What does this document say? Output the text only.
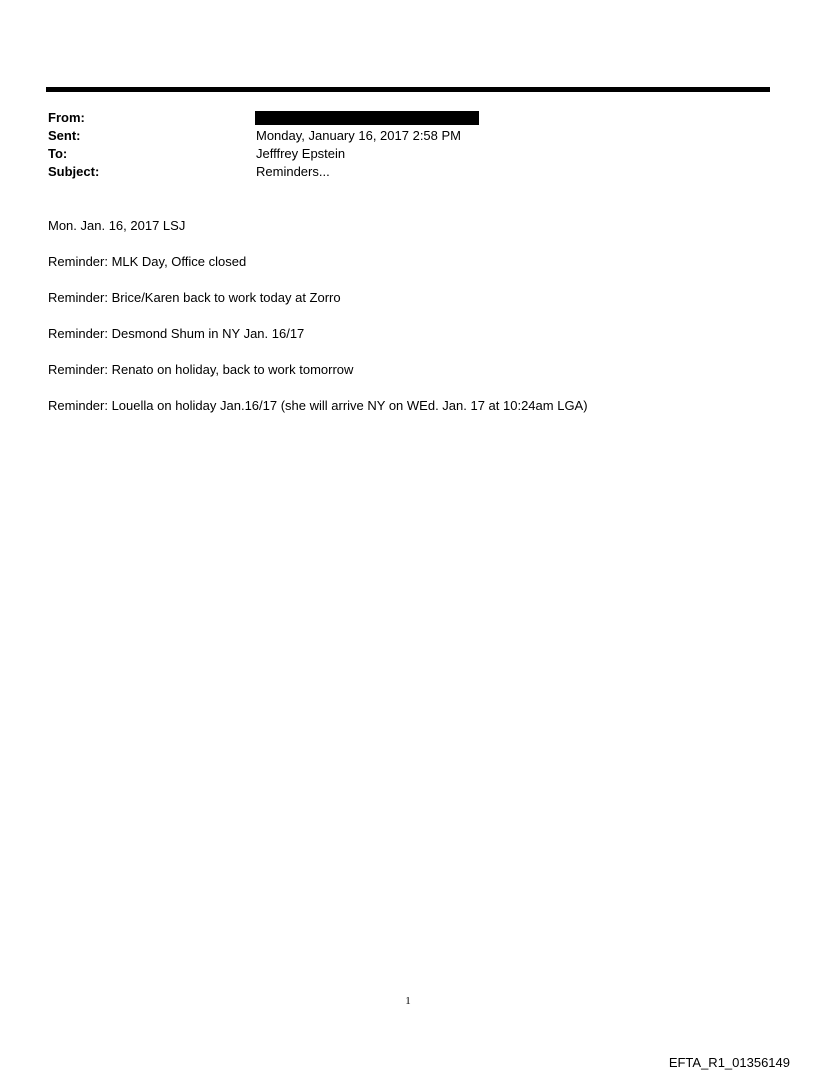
From:
Sent:	Monday, January 16, 2017 2:58 PM
To:	Jefffrey Epstein
Subject:	Reminders...

Mon. Jan. 16, 2017 LSJ

Reminder: MLK Day, Office closed

Reminder: Brice/Karen back to work today at Zorro

Reminder: Desmond Shum in NY Jan. 16/17

Reminder: Renato on holiday, back to work tomorrow

Reminder: Louella on holiday Jan.16/17 (she will arrive NY on WEd. Jan. 17 at 10:24am LGA)

1
EFTA_R1_01356149
